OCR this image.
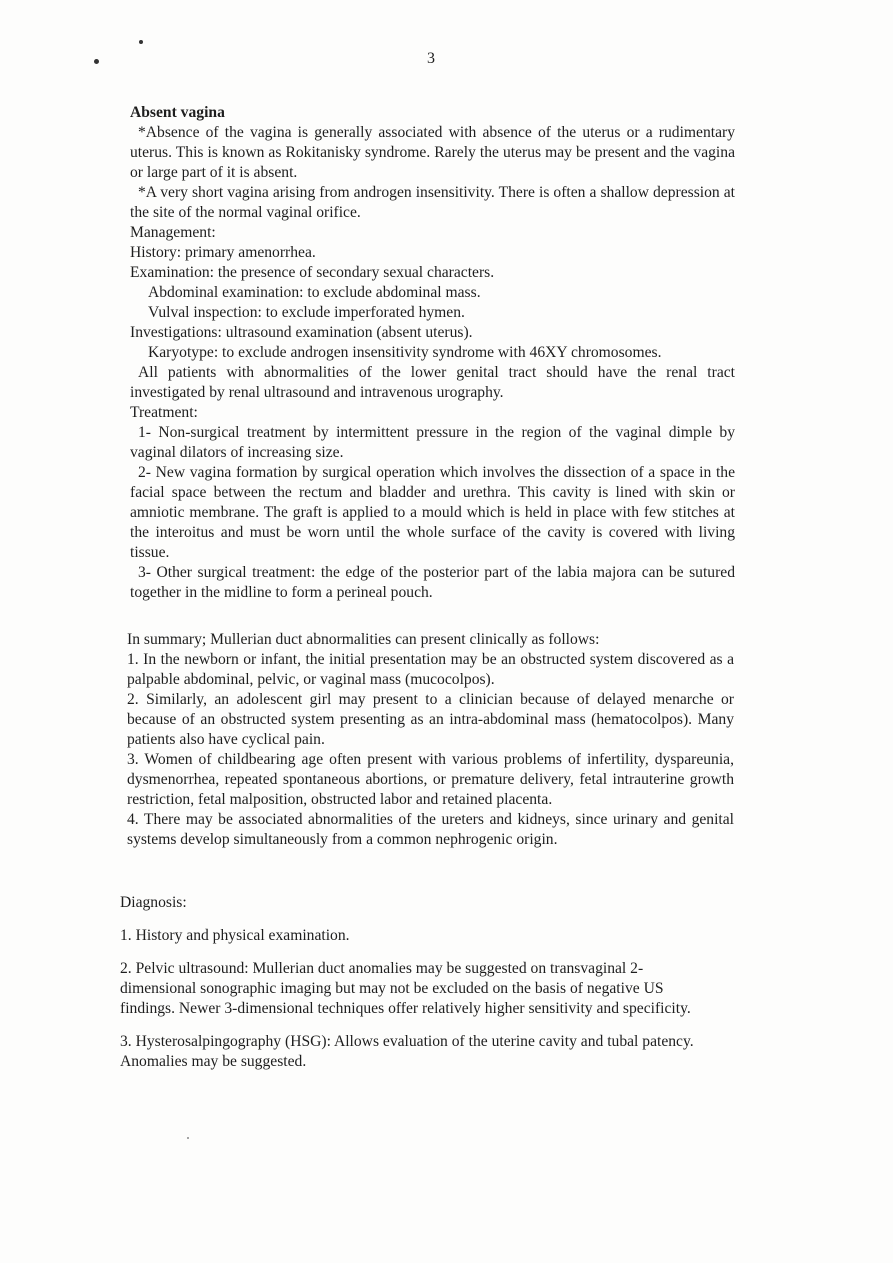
3

Absent vagina

*Absence of the vagina is generally associated with absence of the uterus or a rudimentary uterus. This is known as Rokitanisky syndrome. Rarely the uterus may be present and the vagina or large part of it is absent.

*A very short vagina arising from androgen insensitivity. There is often a shallow depression at the site of the normal vaginal orifice.

Management:

History: primary amenorrhea.

Examination: the presence of secondary sexual characters.

Abdominal examination: to exclude abdominal mass.

Vulval inspection: to exclude imperforated hymen.

Investigations: ultrasound examination (absent uterus).

Karyotype: to exclude androgen insensitivity syndrome with 46XY chromosomes.

All patients with abnormalities of the lower genital tract should have the renal tract investigated by renal ultrasound and intravenous urography.

Treatment:

1- Non-surgical treatment by intermittent pressure in the region of the vaginal dimple by vaginal dilators of increasing size.

2- New vagina formation by surgical operation which involves the dissection of a space in the facial space between the rectum and bladder and urethra. This cavity is lined with skin or amniotic membrane. The graft is applied to a mould which is held in place with few stitches at the interoitus and must be worn until the whole surface of the cavity is covered with living tissue.

3- Other surgical treatment: the edge of the posterior part of the labia majora can be sutured together in the midline to form a perineal pouch.

In summary; Mullerian duct abnormalities can present clinically as follows:

1. In the newborn or infant, the initial presentation may be an obstructed system discovered as a palpable abdominal, pelvic, or vaginal mass (mucocolpos).

2. Similarly, an adolescent girl may present to a clinician because of delayed menarche or because of an obstructed system presenting as an intra-abdominal mass (hematocolpos). Many patients also have cyclical pain.

3. Women of childbearing age often present with various problems of infertility, dyspareunia, dysmenorrhea, repeated spontaneous abortions, or premature delivery, fetal intrauterine growth restriction, fetal malposition, obstructed labor and retained placenta.

4. There may be associated abnormalities of the ureters and kidneys, since urinary and genital systems develop simultaneously from a common nephrogenic origin.

Diagnosis:

1. History and physical examination.

2. Pelvic ultrasound: Mullerian duct anomalies may be suggested on transvaginal 2-dimensional sonographic imaging but may not be excluded on the basis of negative US findings. Newer 3-dimensional techniques offer relatively higher sensitivity and specificity.

3. Hysterosalpingography (HSG): Allows evaluation of the uterine cavity and tubal patency. Anomalies may be suggested.
